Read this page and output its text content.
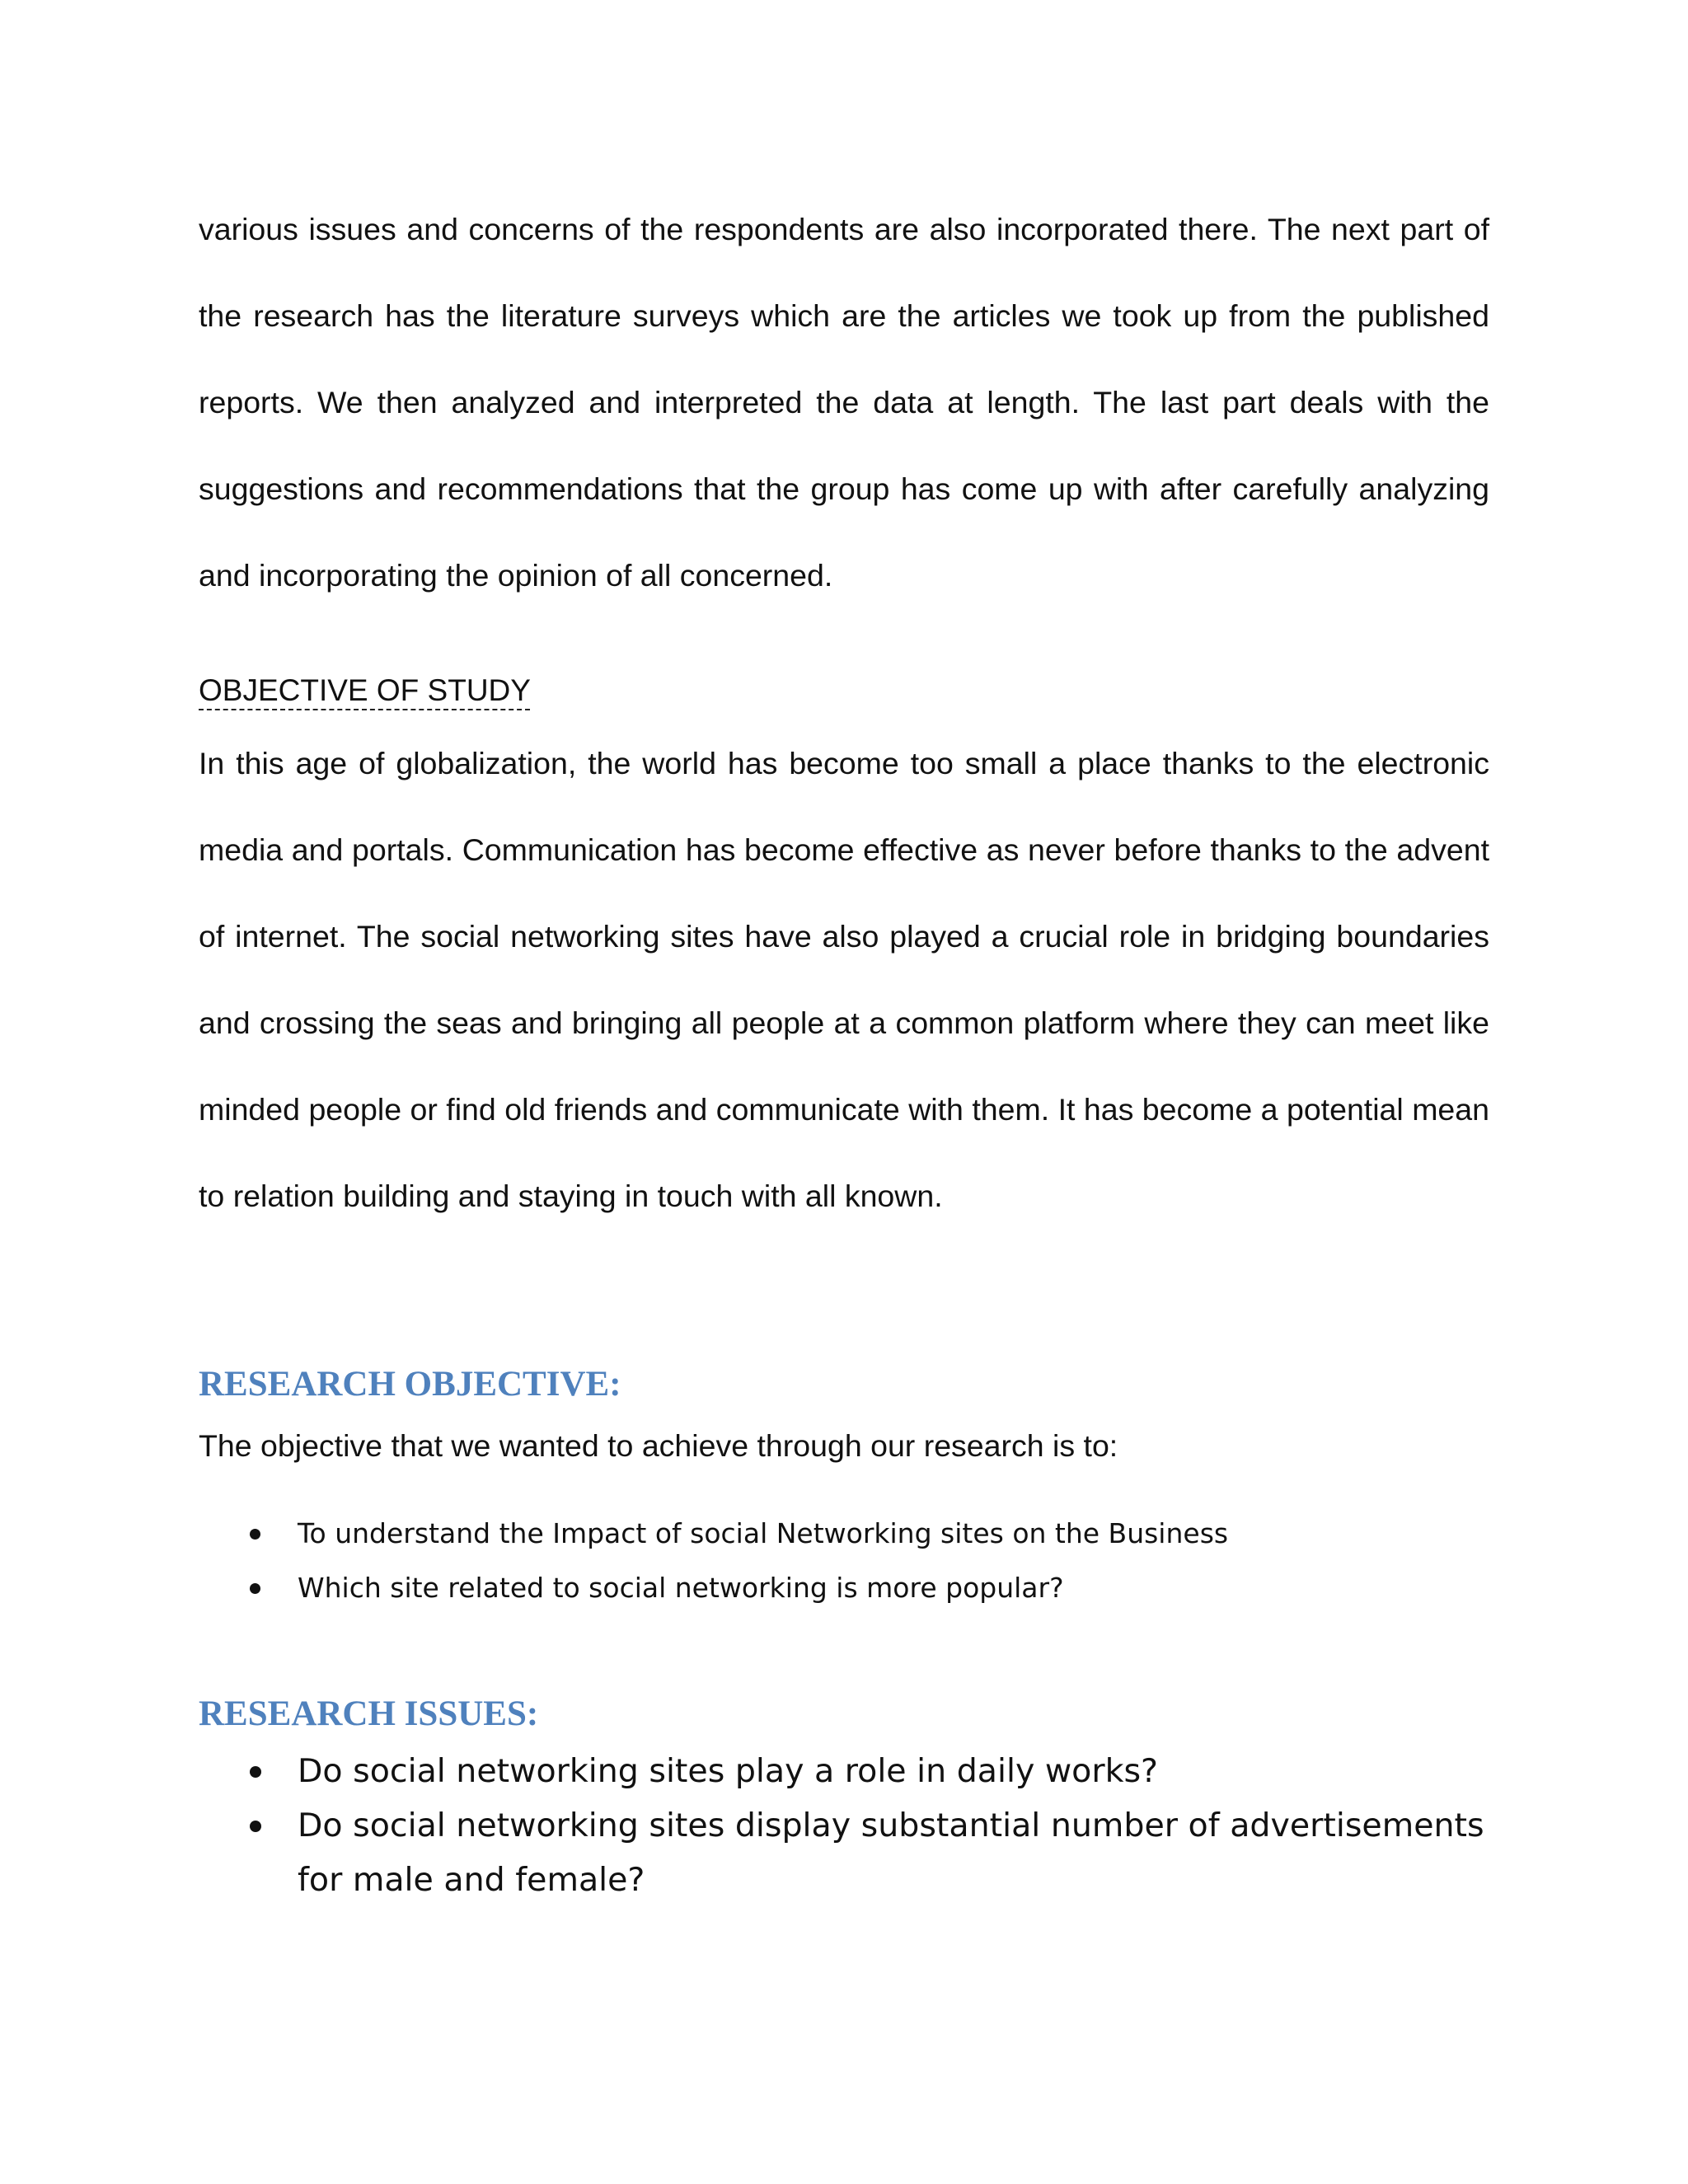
various issues and concerns of the respondents are also incorporated there. The next part of the research has the literature surveys which are the articles we took up from the published reports. We then analyzed and interpreted the data at length. The last part deals with the suggestions and recommendations that the group has come up with after carefully analyzing and incorporating the opinion of all concerned.

OBJECTIVE OF STUDY

In this age of globalization, the world has become too small a place thanks to the electronic media and portals. Communication has become effective as never before thanks to the advent of internet. The social networking sites have also played a crucial role in bridging boundaries and crossing the seas and bringing all people at a common platform where they can meet like minded people or find old friends and communicate with them. It has become a potential mean to relation building and staying in touch with all known.

RESEARCH OBJECTIVE:

The objective that we wanted to achieve through our research is to:

To understand the Impact of social Networking sites on the Business
Which site related to social networking is more popular?
RESEARCH ISSUES:
Do social networking sites play a role in daily works?
Do social networking sites display substantial number of advertisements for male and female?
